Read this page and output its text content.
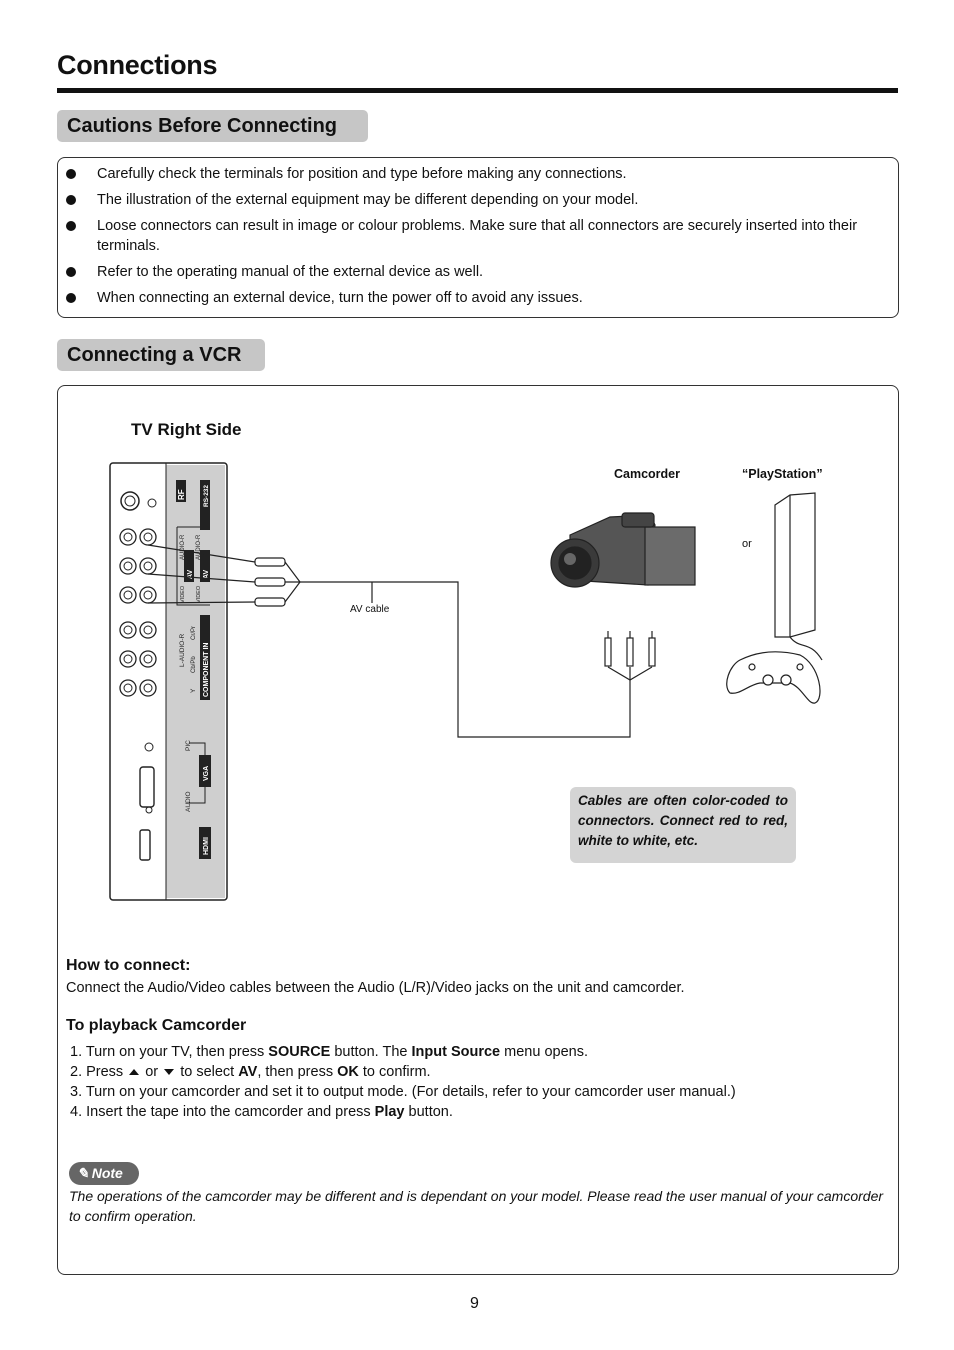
Connections
Cautions Before Connecting
Carefully check the terminals for position and type before making any connections.
The illustration of the external equipment may be different depending on your model.
Loose connectors can result in image or colour problems. Make sure that all connectors are securely inserted into their terminals.
Refer to the operating manual of the external device as well.
When connecting an external device, turn the power off to avoid any issues.
Connecting a VCR
TV Right Side
RF	RS-232
AUDIO-R AUDIO-R
AV AV
VIDEO VIDEO
L-AUDIO-R
Cr/Pr
Cb/Pb
Y COMPONENT IN
PIC
VGA
AUDIO
HDMI
Camcorder	“PlayStation”
or
AV cable
Cables are often color-coded to connectors. Connect red to red, white to white, etc.
How to connect:
Connect the Audio/Video cables between the Audio (L/R)/Video jacks on the unit and camcorder.
To playback Camcorder
1. Turn on your TV, then press SOURCE button. The Input Source menu opens.
2. Press  or  to select AV, then press OK to confirm.
3. Turn on your camcorder and set it to output mode. (For details, refer to your camcorder user manual.)
4. Insert the tape into the camcorder and press Play button.
✎ Note
The operations of the camcorder may be different and is dependant on your model. Please read the user manual of your camcorder to confirm operation.
9
